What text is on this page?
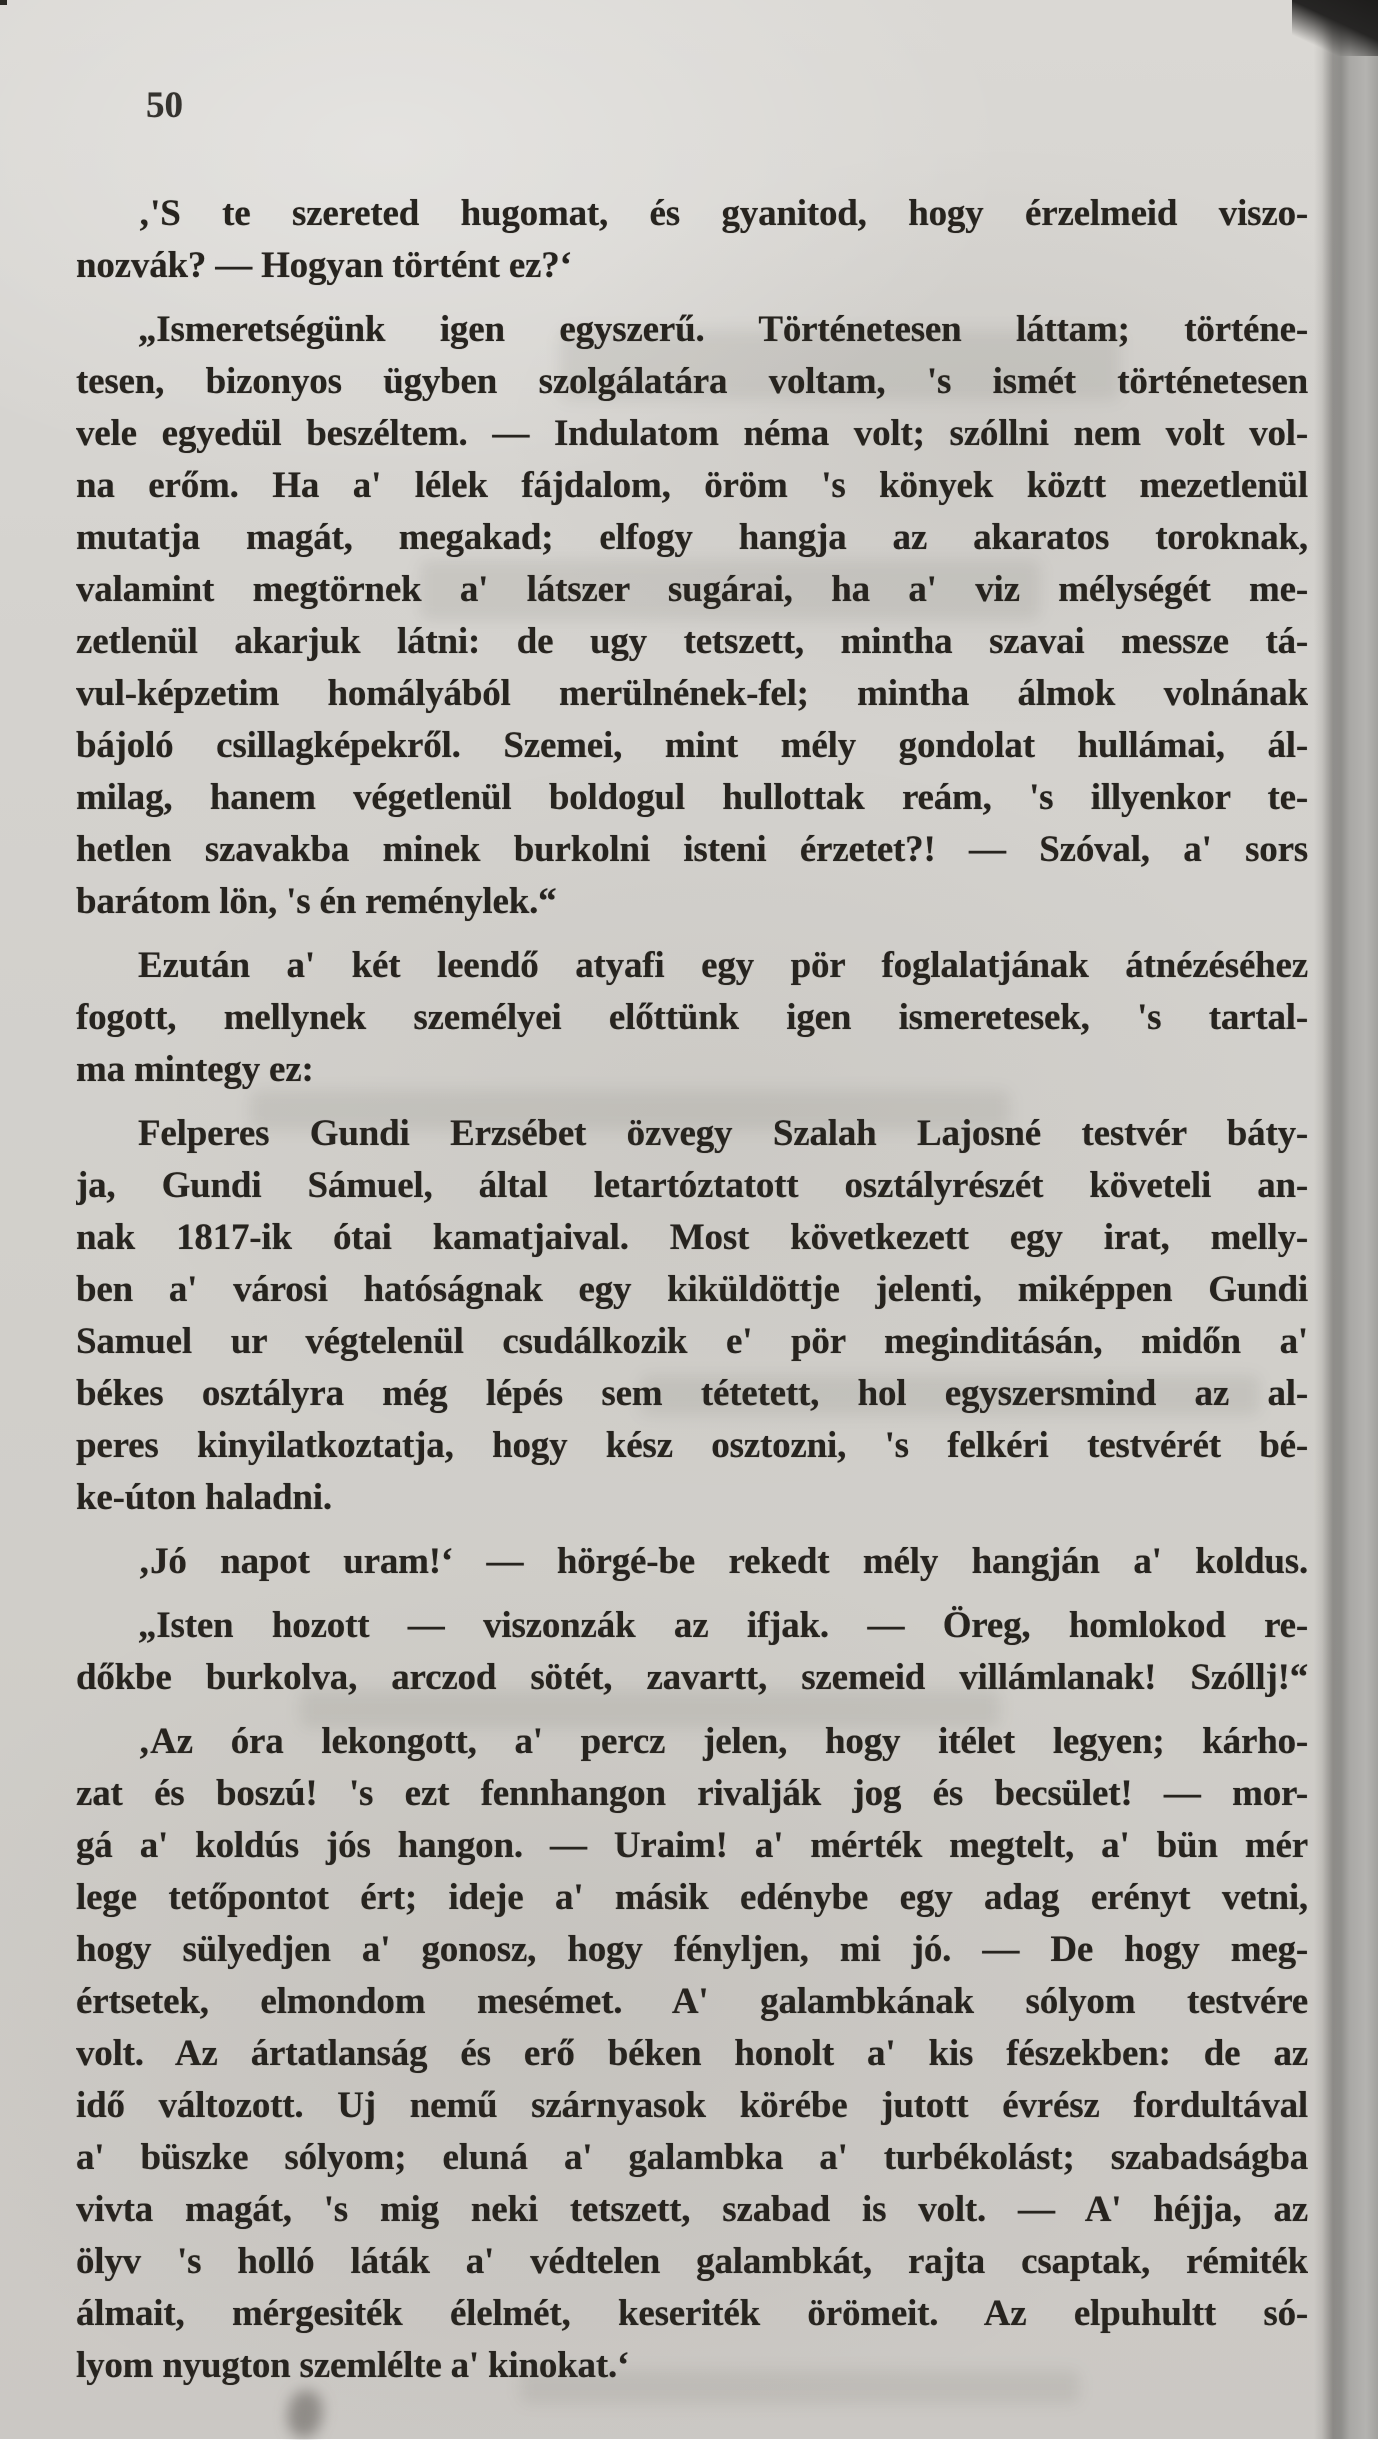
50
‚'S te szereted hugomat, és gyanitod, hogy érzelmeid viszo-
nozvák? — Hogyan történt ez?‘
„Ismeretségünk igen egyszerű. Történetesen láttam; történe-
tesen, bizonyos ügyben szolgálatára voltam, 's ismét történetesen
vele egyedül beszéltem. — Indulatom néma volt; szóllni nem volt vol-
na erőm. Ha a' lélek fájdalom, öröm 's könyek köztt mezetlenül
mutatja magát, megakad; elfogy hangja az akaratos toroknak,
valamint megtörnek a' látszer sugárai, ha a' viz mélységét me-
zetlenül akarjuk látni: de ugy tetszett, mintha szavai messze tá-
vul-képzetim homályából merülnének-fel; mintha álmok volnának
bájoló csillagképekről. Szemei, mint mély gondolat hullámai, ál-
milag, hanem végetlenül boldogul hullottak reám, 's illyenkor te-
hetlen szavakba minek burkolni isteni érzetet?! — Szóval, a' sors
barátom lön, 's én reménylek.“
Ezután a' két leendő atyafi egy pör foglalatjának átnézéséhez
fogott, mellynek személyei előttünk igen ismeretesek, 's tartal-
ma mintegy ez:
Felperes Gundi Erzsébet özvegy Szalah Lajosné testvér báty-
ja, Gundi Sámuel, által letartóztatott osztályrészét követeli an-
nak 1817-ik ótai kamatjaival. Most következett egy irat, melly-
ben a' városi hatóságnak egy kiküldöttje jelenti, miképpen Gundi
Samuel ur végtelenül csudálkozik e' pör meginditásán, midőn a'
békes osztályra még lépés sem tétetett, hol egyszersmind az al-
peres kinyilatkoztatja, hogy kész osztozni, 's felkéri testvérét bé-
ke-úton haladni.
‚Jó napot uram!‘ — hörgé-be rekedt mély hangján a' koldus.
„Isten hozott — viszonzák az ifjak. — Öreg, homlokod re-
dőkbe burkolva, arczod sötét, zavartt, szemeid villámlanak! Szóllj!“
‚Az óra lekongott, a' percz jelen, hogy itélet legyen; kárho-
zat és boszú! 's ezt fennhangon rivalják jog és becsület! — mor-
gá a' koldús jós hangon. — Uraim! a' mérték megtelt, a' bün mér
lege tetőpontot ért; ideje a' másik edénybe egy adag erényt vetni,
hogy sülyedjen a' gonosz, hogy fényljen, mi jó. — De hogy meg-
értsetek, elmondom mesémet. A' galambkának sólyom testvére
volt. Az ártatlanság és erő béken honolt a' kis fészekben: de az
idő változott. Uj nemű szárnyasok körébe jutott évrész fordultával
a' büszke sólyom; eluná a' galambka a' turbékolást; szabadságba
vivta magát, 's mig neki tetszett, szabad is volt. — A' héjja, az
ölyv 's holló láták a' védtelen galambkát, rajta csaptak, rémiték
álmait, mérgesiték élelmét, keseriték örömeit. Az elpuhultt só-
lyom nyugton szemlélte a' kinokat.‘
